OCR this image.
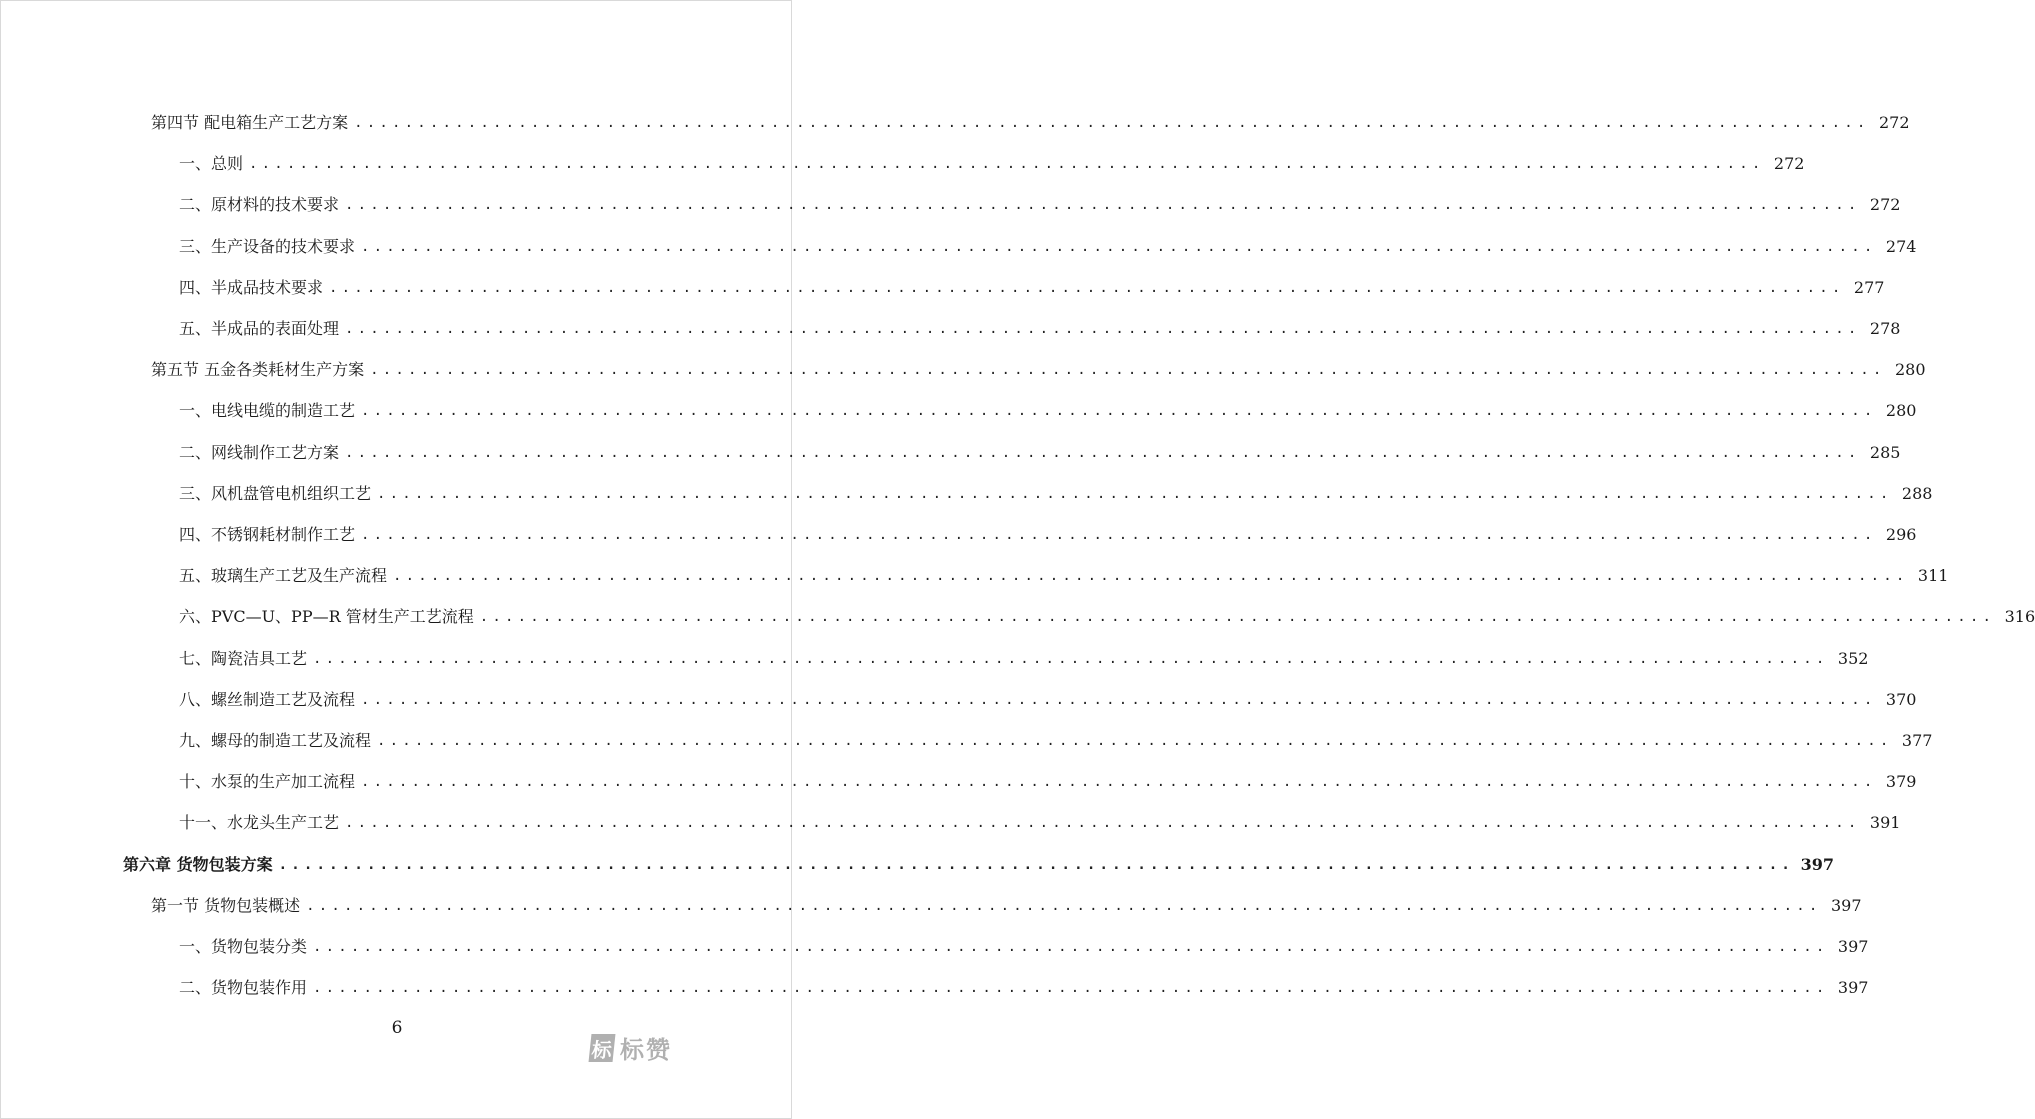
第四节 配电箱生产工艺方案 ........................................................................................................................ 272
一、总则 ........................................................................................................................ 272
二、原材料的技术要求 ........................................................................................................................ 272
三、生产设备的技术要求 ........................................................................................................................ 274
四、半成品技术要求 ........................................................................................................................ 277
五、半成品的表面处理 ........................................................................................................................ 278
第五节 五金各类耗材生产方案 ........................................................................................................................ 280
一、电线电缆的制造工艺 ........................................................................................................................ 280
二、网线制作工艺方案 ........................................................................................................................ 285
三、风机盘管电机组织工艺 ........................................................................................................................ 288
四、不锈钢耗材制作工艺 ........................................................................................................................ 296
五、玻璃生产工艺及生产流程 ........................................................................................................................ 311
六、PVC—U、PP—R 管材生产工艺流程 ........................................................................................................................ 316
七、陶瓷洁具工艺 ........................................................................................................................ 352
八、螺丝制造工艺及流程 ........................................................................................................................ 370
九、螺母的制造工艺及流程 ........................................................................................................................ 377
十、水泵的生产加工流程 ........................................................................................................................ 379
十一、水龙头生产工艺 ........................................................................................................................ 391
第六章 货物包装方案 ........................................................................................................................ 397
第一节 货物包装概述 ........................................................................................................................ 397
一、货物包装分类 ........................................................................................................................ 397
二、货物包装作用 ........................................................................................................................ 397
6
标 标赞
